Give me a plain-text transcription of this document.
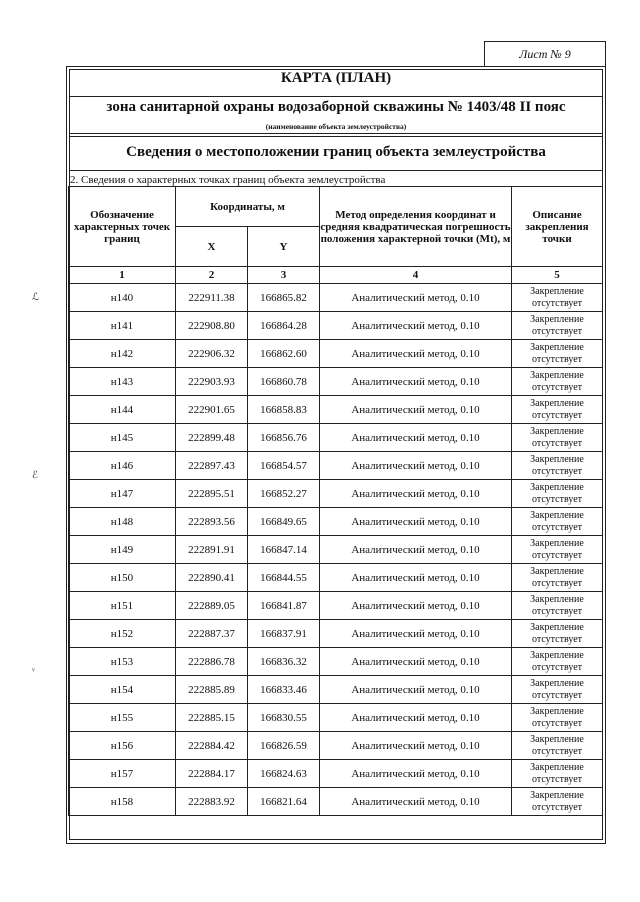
Лист № 9
КАРТА (ПЛАН)
зона санитарной охраны водозаборной скважины № 1403/48 II пояс
(наименование объекта землеустройства)
Сведения о местоположении границ объекта землеустройства
2. Сведения о характерных точках границ объекта землеустройства
Обозначение характерных точек границ	Координаты, м		Метод определения координат и средняя квадратическая погрешность положения характерной точки (Mt), м	Описание закрепления точки
	X	Y		
1	2	3	4	5
н140	222911.38	166865.82	Аналитический метод, 0.10	Закрепление отсутствует
н141	222908.80	166864.28	Аналитический метод, 0.10	Закрепление отсутствует
н142	222906.32	166862.60	Аналитический метод, 0.10	Закрепление отсутствует
н143	222903.93	166860.78	Аналитический метод, 0.10	Закрепление отсутствует
н144	222901.65	166858.83	Аналитический метод, 0.10	Закрепление отсутствует
н145	222899.48	166856.76	Аналитический метод, 0.10	Закрепление отсутствует
н146	222897.43	166854.57	Аналитический метод, 0.10	Закрепление отсутствует
н147	222895.51	166852.27	Аналитический метод, 0.10	Закрепление отсутствует
н148	222893.56	166849.65	Аналитический метод, 0.10	Закрепление отсутствует
н149	222891.91	166847.14	Аналитический метод, 0.10	Закрепление отсутствует
н150	222890.41	166844.55	Аналитический метод, 0.10	Закрепление отсутствует
н151	222889.05	166841.87	Аналитический метод, 0.10	Закрепление отсутствует
н152	222887.37	166837.91	Аналитический метод, 0.10	Закрепление отсутствует
н153	222886.78	166836.32	Аналитический метод, 0.10	Закрепление отсутствует
н154	222885.89	166833.46	Аналитический метод, 0.10	Закрепление отсутствует
н155	222885.15	166830.55	Аналитический метод, 0.10	Закрепление отсутствует
н156	222884.42	166826.59	Аналитический метод, 0.10	Закрепление отсутствует
н157	222884.17	166824.63	Аналитический метод, 0.10	Закрепление отсутствует
н158	222883.92	166821.64	Аналитический метод, 0.10	Закрепление отсутствует
ℒ
ℰ
ᵛ
